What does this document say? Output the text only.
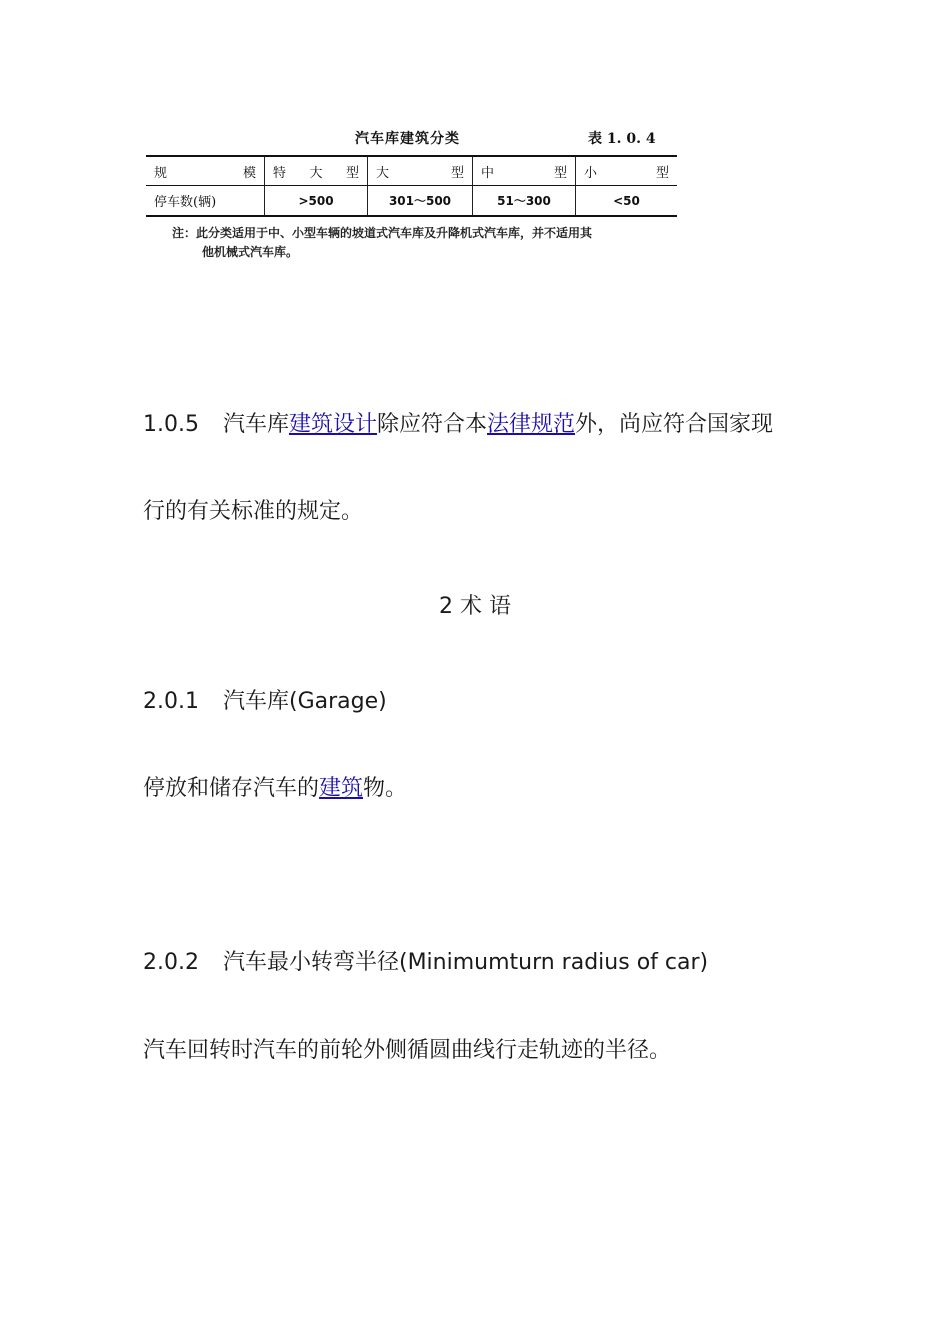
汽车库建筑分类	表 1. 0. 4
规 模	特 大 型	大 型	中 型	小 型

停车数(辆)	>500	301～500	51～300	<50
注：此分类适用于中、小型车辆的坡道式汽车库及升降机式汽车库，并不适用其
他机械式汽车库。
1.0.5 汽车库建筑设计除应符合本法律规范外，尚应符合国家现
行的有关标准的规定。
2 术 语
2.0.1 汽车库(Garage)
停放和储存汽车的建筑物。
2.0.2 汽车最小转弯半径(Minimumturn radius of car)
汽车回转时汽车的前轮外侧循圆曲线行走轨迹的半径。
